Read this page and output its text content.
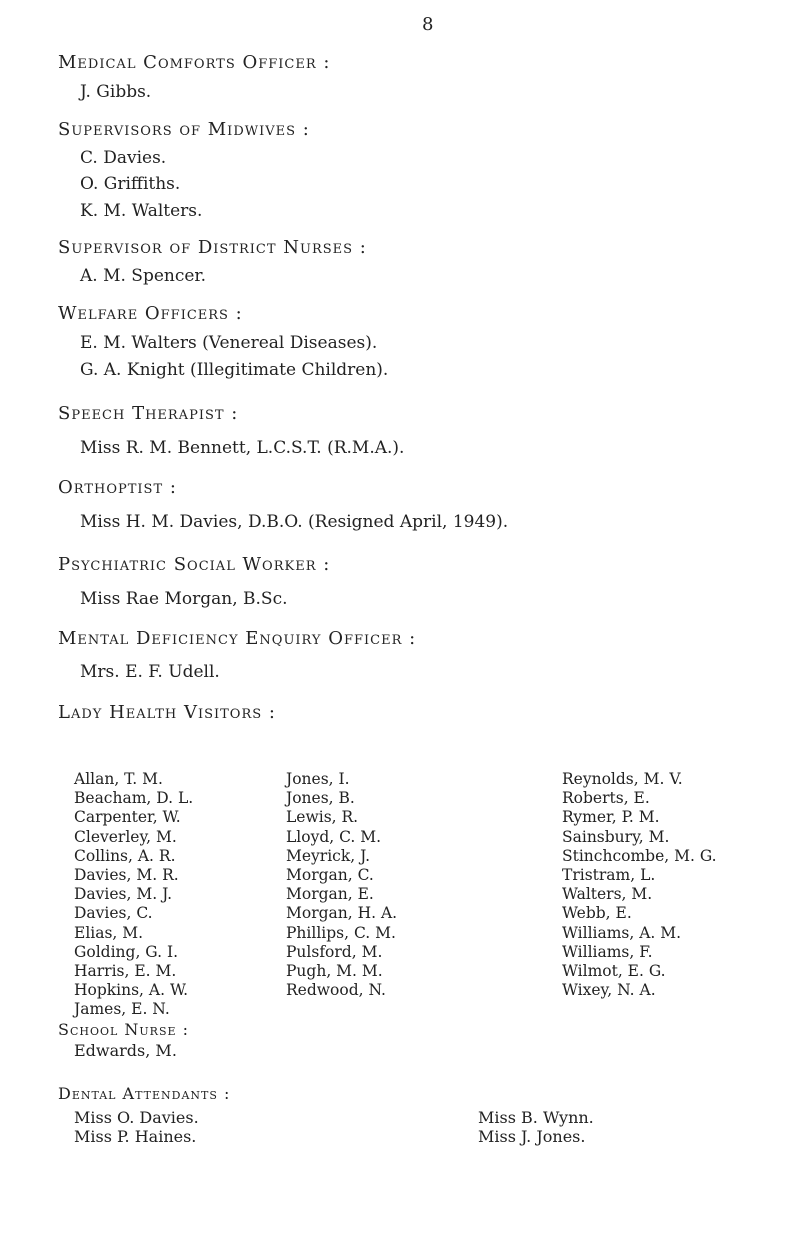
8
Medical Comforts Officer :
J. Gibbs.
Supervisors of Midwives :
C. Davies.
O. Griffiths.
K. M. Walters.
Supervisor of District Nurses :
A. M. Spencer.
Welfare Officers :
E. M. Walters (Venereal Diseases).
G. A. Knight (Illegitimate Children).
Speech Therapist :
Miss R. M. Bennett, L.C.S.T. (R.M.A.).
Orthoptist :
Miss H. M. Davies, D.B.O. (Resigned April, 1949).
Psychiatric Social Worker :
Miss Rae Morgan, B.Sc.
Mental Deficiency Enquiry Officer :
Mrs. E. F. Udell.
Lady Health Visitors :
Allan, T. M.
Beacham, D. L.
Carpenter, W.
Cleverley, M.
Collins, A. R.
Davies, M. R.
Davies, M. J.
Davies, C.
Elias, M.
Golding, G. I.
Harris, E. M.
Hopkins, A. W.
James, E. N.
Jones, I.
Jones, B.
Lewis, R.
Lloyd, C. M.
Meyrick, J.
Morgan, C.
Morgan, E.
Morgan, H. A.
Phillips, C. M.
Pulsford, M.
Pugh, M. M.
Redwood, N.
Reynolds, M. V.
Roberts, E.
Rymer, P. M.
Sainsbury, M.
Stinchcombe, M. G.
Tristram, L.
Walters, M.
Webb, E.
Williams, A. M.
Williams, F.
Wilmot, E. G.
Wixey, N. A.
School Nurse :
Edwards, M.
Dental Attendants :
Miss O. Davies.
Miss P. Haines.
Miss B. Wynn.
Miss J. Jones.
